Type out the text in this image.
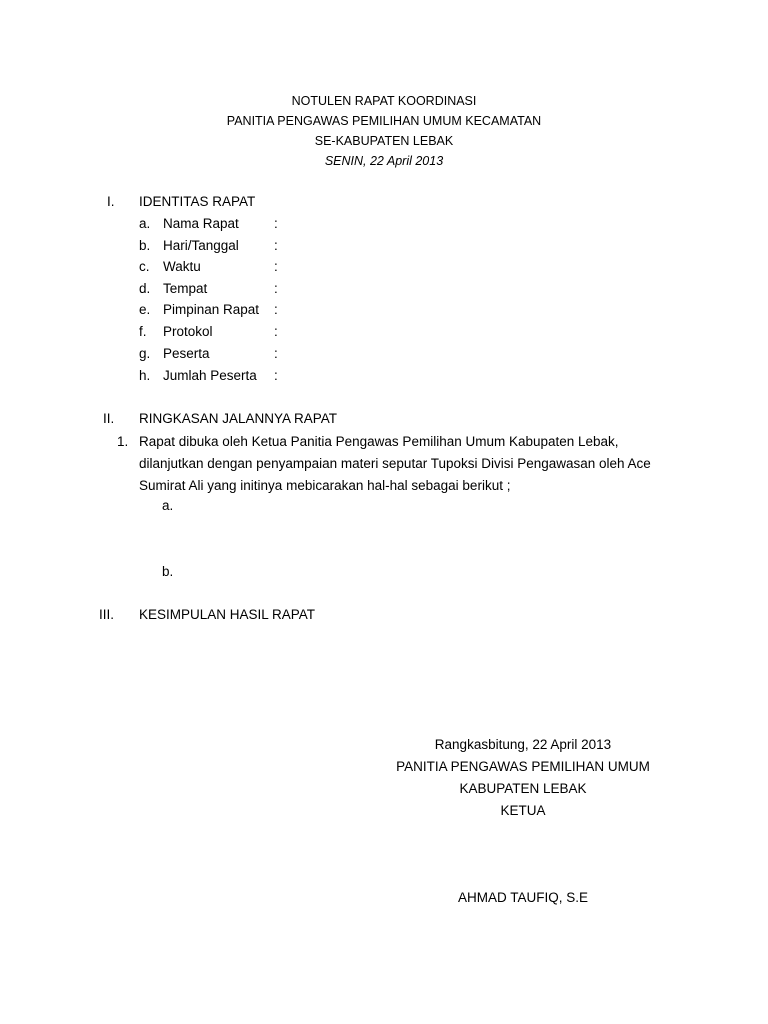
NOTULEN RAPAT KOORDINASI
PANITIA PENGAWAS PEMILIHAN UMUM KECAMATAN
SE-KABUPATEN LEBAK
SENIN, 22 April 2013
I. IDENTITAS RAPAT
a. Nama Rapat	:
b. Hari/Tanggal	:
c. Waktu	:
d. Tempat	:
e. Pimpinan Rapat :
f. Protokol	:
g. Peserta	:
h. Jumlah Peserta :
II. RINGKASAN JALANNYA RAPAT
1. Rapat dibuka oleh Ketua Panitia Pengawas Pemilihan Umum Kabupaten Lebak,
dilanjutkan dengan penyampaian materi seputar Tupoksi Divisi Pengawasan oleh Ace
Sumirat Ali yang initinya mebicarakan hal-hal sebagai berikut ;
a.
b.
III. KESIMPULAN HASIL RAPAT
Rangkasbitung, 22 April 2013
PANITIA PENGAWAS PEMILIHAN UMUM
KABUPATEN LEBAK
KETUA
AHMAD TAUFIQ, S.E
